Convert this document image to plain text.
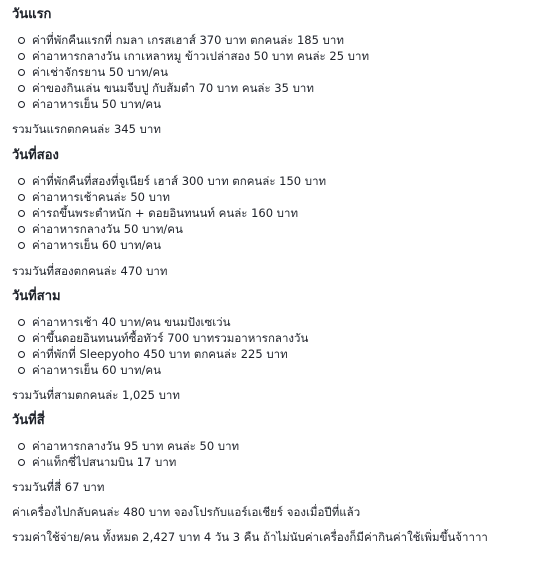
วันแรก
ค่าที่พักคืนแรกที่ กมลา เกรสเฮาส์ 370 บาท ตกคนล่ะ 185 บาท
ค่าอาหารกลางวัน เกาเหลาหมู ข้าวเปล่าสอง 50 บาท คนล่ะ 25 บาท
ค่าเช่าจักรยาน 50 บาท/คน
ค่าของกินเล่น ขนมจีบปู กับส้มตำ 70 บาท คนล่ะ 35 บาท
ค่าอาหารเย็น 50 บาท/คน
รวมวันแรกตกคนล่ะ 345 บาท
วันที่สอง
ค่าที่พักคืนที่สองที่จูเนียร์ เฮาส์ 300 บาท ตกคนล่ะ 150 บาท
ค่าอาหารเช้าคนล่ะ 50 บาท
ค่ารถขึ้นพระตำหนัก + ดอยอินทนนท์ คนล่ะ 160 บาท
ค่าอาหารกลางวัน 50 บาท/คน
ค่าอาหารเย็น 60 บาท/คน
รวมวันที่สองตกคนล่ะ 470 บาท
วันที่สาม
ค่าอาหารเช้า 40 บาท/คน ขนมปังเซเว่น
ค่าขึ้นดอยอินทนนท์ซื้อทัวร์ 700 บาทรวมอาหารกลางวัน
ค่าที่พักที่ Sleepyoho 450 บาท ตกคนล่ะ 225 บาท
ค่าอาหารเย็น 60 บาท/คน
รวมวันที่สามตกคนล่ะ 1,025 บาท
วันที่สี่
ค่าอาหารกลางวัน 95 บาท คนล่ะ 50 บาท
ค่าแท็กซี่ไปสนามบิน 17 บาท
รวมวันที่สี่ 67 บาท
ค่าเครื่องไปกลับคนล่ะ 480 บาท จองโปรกับแอร์เอเชียร์ จองเมื่อปีที่แล้ว
รวมค่าใช้จ่าย/คน ทั้งหมด 2,427 บาท 4 วัน 3 คืน ถ้าไม่นับค่าเครื่องก็มีค่ากินค่าใช้เพิ่มขึ้นจ้าาาา
